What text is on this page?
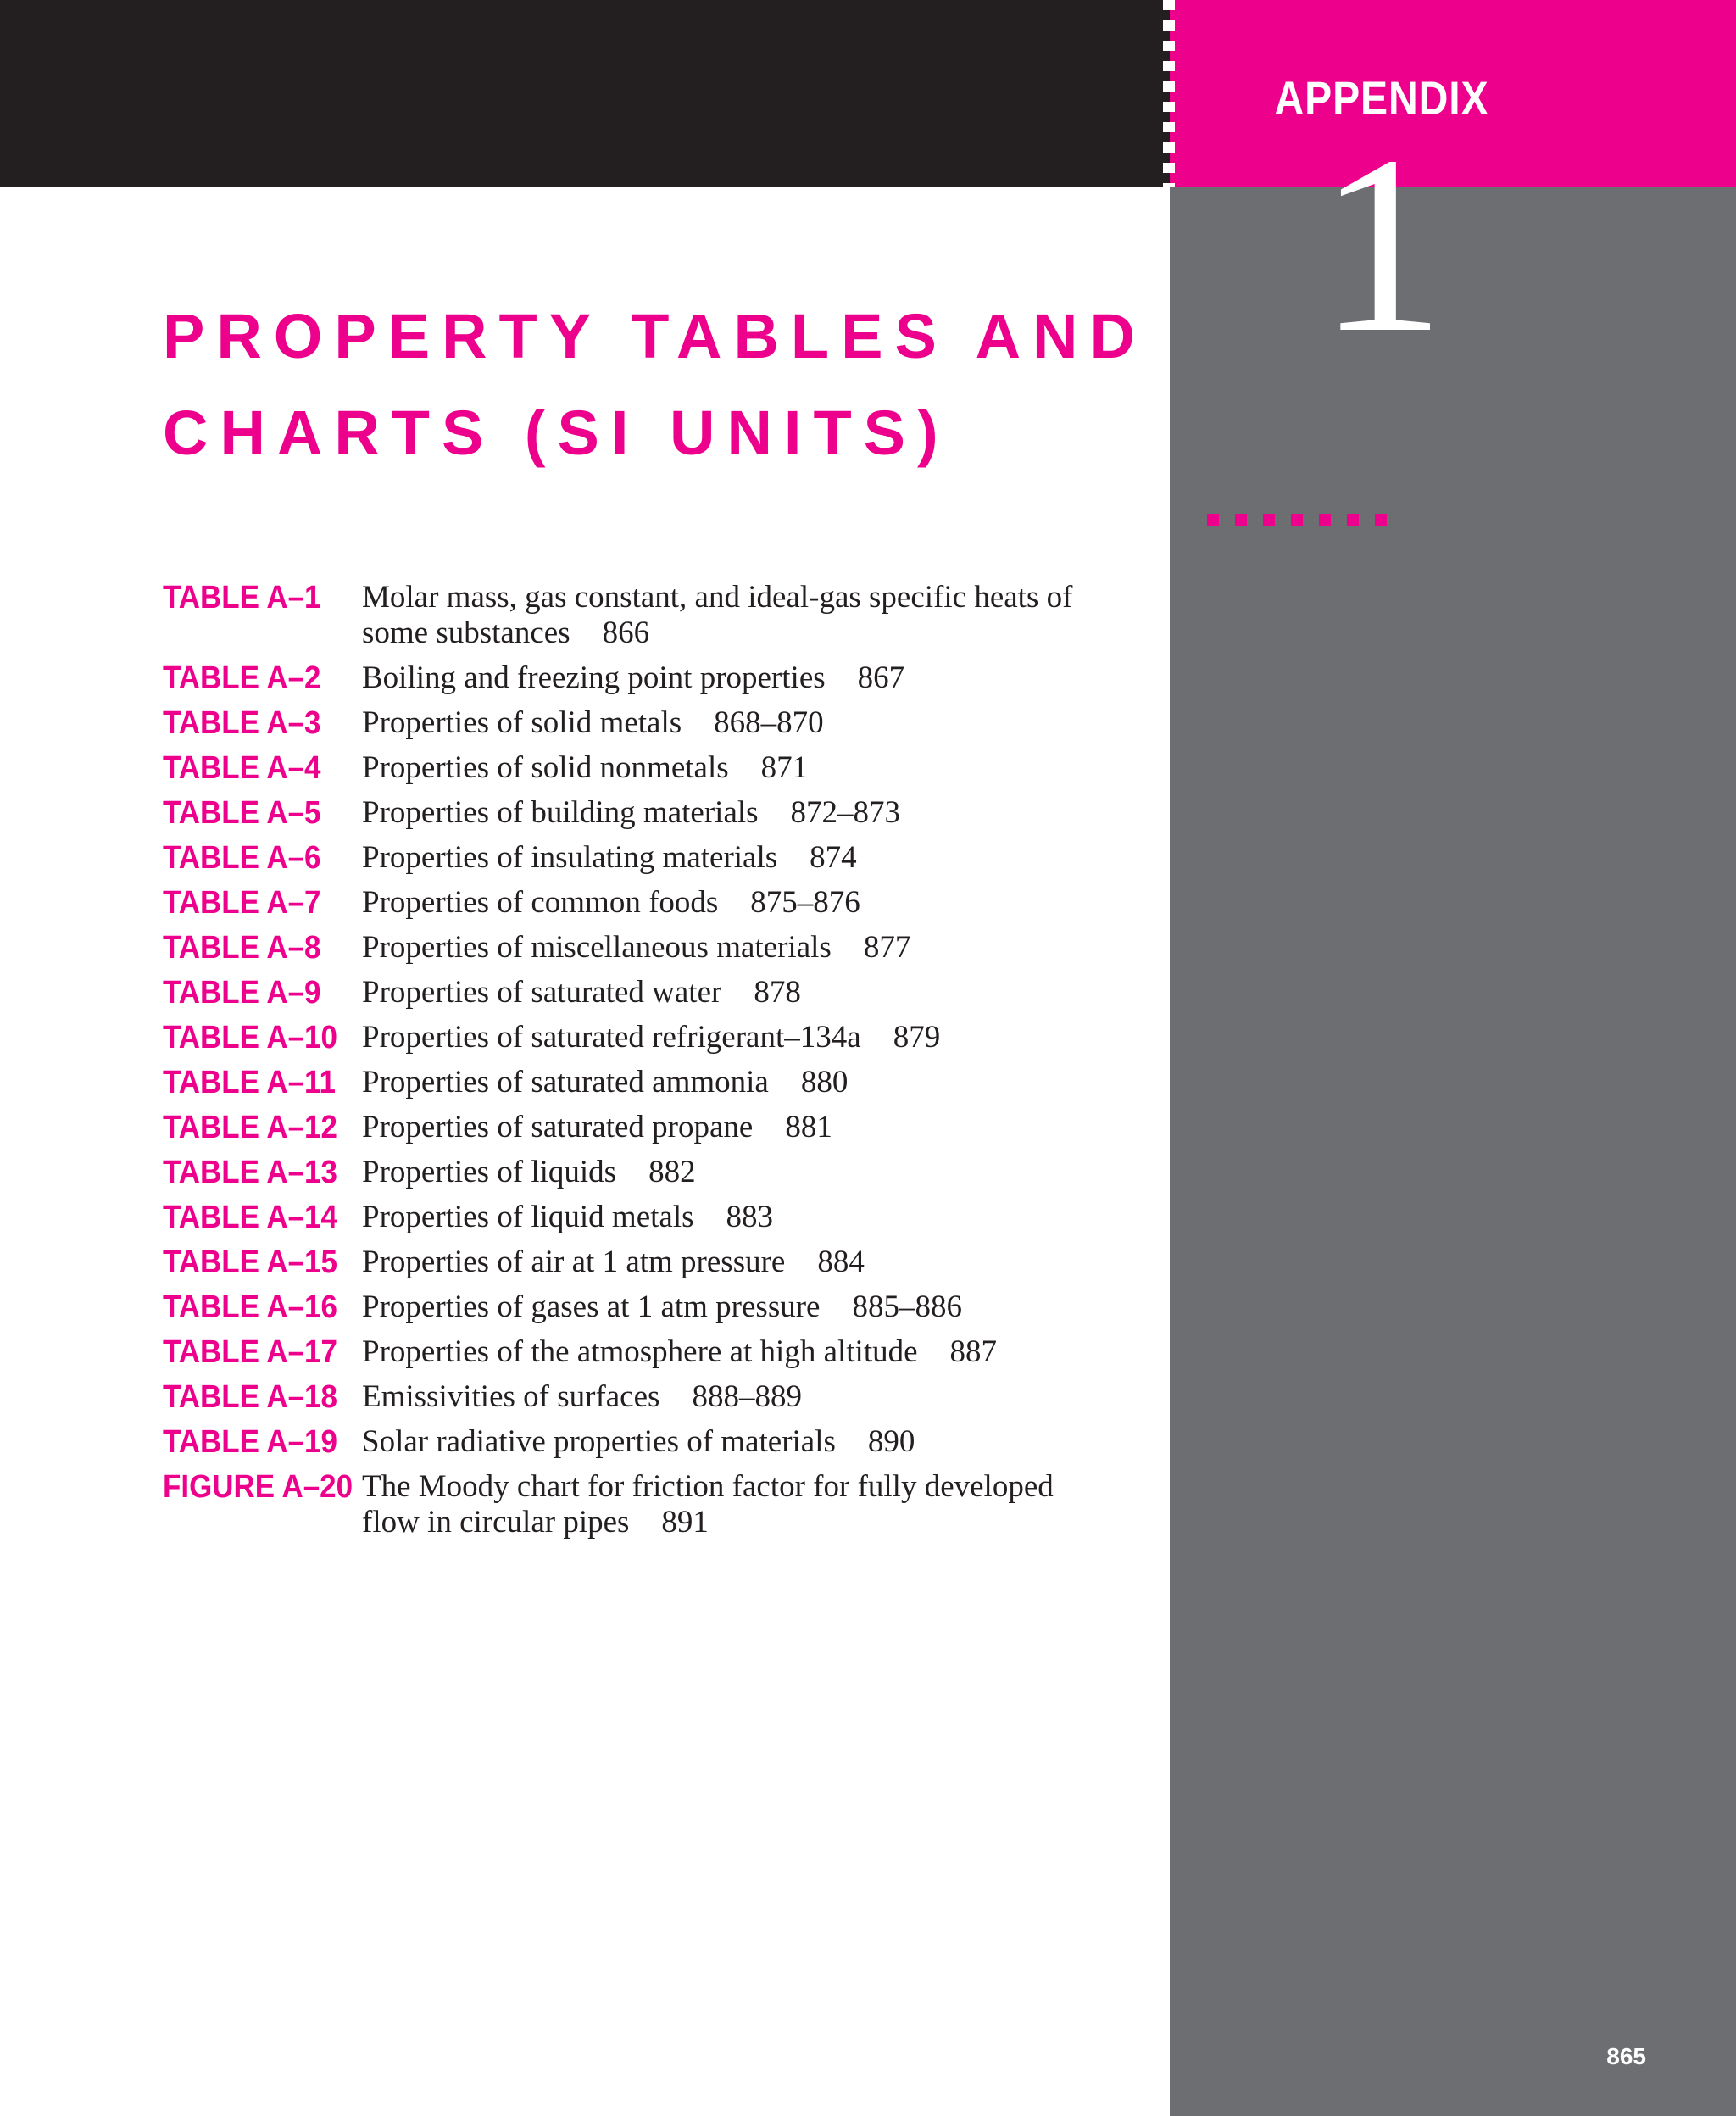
APPENDIX
1
PROPERTY TABLES AND
CHARTS (SI UNITS)
TABLE A–1	Molar mass, gas constant, and ideal-gas specific heats of some substances 866
TABLE A–2	Boiling and freezing point properties 867
TABLE A–3	Properties of solid metals 868–870
TABLE A–4	Properties of solid nonmetals 871
TABLE A–5	Properties of building materials 872–873
TABLE A–6	Properties of insulating materials 874
TABLE A–7	Properties of common foods 875–876
TABLE A–8	Properties of miscellaneous materials 877
TABLE A–9	Properties of saturated water 878
TABLE A–10 Properties of saturated refrigerant–134a 879
TABLE A–11 Properties of saturated ammonia 880
TABLE A–12 Properties of saturated propane 881
TABLE A–13 Properties of liquids 882
TABLE A–14 Properties of liquid metals 883
TABLE A–15 Properties of air at 1 atm pressure 884
TABLE A–16 Properties of gases at 1 atm pressure 885–886
TABLE A–17 Properties of the atmosphere at high altitude 887
TABLE A–18 Emissivities of surfaces 888–889
TABLE A–19 Solar radiative properties of materials 890
FIGURE A–20 The Moody chart for friction factor for fully developed flow in circular pipes 891
865
